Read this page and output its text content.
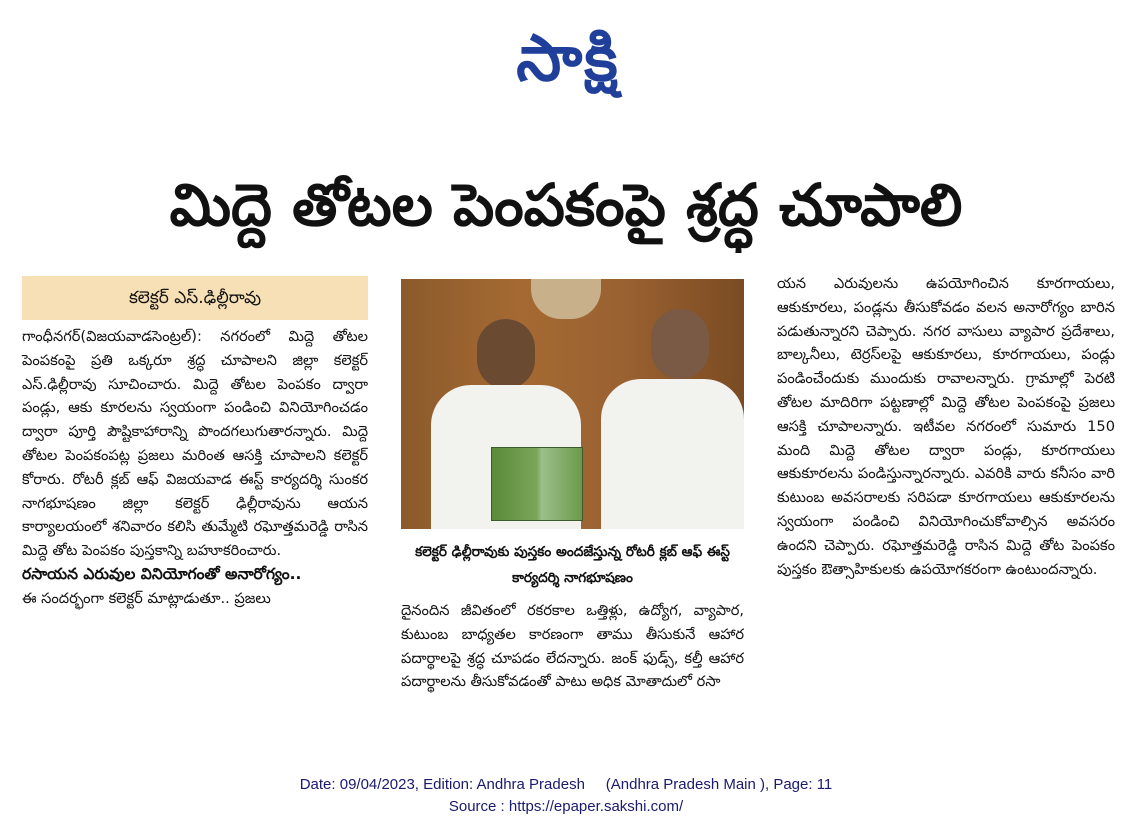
సాక్షి
మిద్దె తోటల పెంపకంపై శ్రద్ధ చూపాలి
కలెక్టర్ ఎస్.ఢిల్లీరావు

గాంధీనగర్(విజయవాడసెంట్రల్): నగరంలో మిద్దె తోటల పెంపకంపై ప్రతి ఒక్కరూ శ్రద్ధ చూపాలని జిల్లా కలెక్టర్ ఎస్.ఢిల్లీరావు సూచించారు. మిద్దె తోటల పెంపకం ద్వారా పండ్లు, ఆకు కూరలను స్వయంగా పండించి వినియోగించడం ద్వారా పూర్తి పౌష్టికాహారాన్ని పొందగలుగుతారన్నారు. మిద్దె తోటల పెంపకంపట్ల ప్రజలు మరింత ఆసక్తి చూపాలని కలెక్టర్ కోరారు. రోటరీ క్లబ్ ఆఫ్ విజయవాడ ఈస్ట్ కార్యదర్శి సుంకర నాగభూషణం జిల్లా కలెక్టర్ ఢిల్లీరావును ఆయన కార్యాలయంలో శనివారం కలిసి తుమ్మేటి రఘోత్తమరెడ్డి రాసిన మిద్దె తోట పెంపకం పుస్తకాన్ని బహూకరించారు.

రసాయన ఎరువుల వినియోగంతో అనారోగ్యం..

ఈ సందర్భంగా కలెక్టర్ మాట్లాడుతూ.. ప్రజలు

కలెక్టర్ ఢిల్లీరావుకు పుస్తకం అందజేస్తున్న రోటరీ క్లబ్ ఆఫ్ ఈస్ట్ కార్యదర్శి నాగభూషణం

దైనందిన జీవితంలో రకరకాల ఒత్తిళ్లు, ఉద్యోగ, వ్యాపార, కుటుంబ బాధ్యతల కారణంగా తాము తీసుకునే ఆహార పదార్థాలపై శ్రద్ధ చూపడం లేదన్నారు. జంక్ ఫుడ్స్, కల్తీ ఆహార పదార్థాలను తీసుకోవడంతో పాటు అధిక మోతాదులో రసా

యన ఎరువులను ఉపయోగించిన కూరగాయలు, ఆకుకూరలు, పండ్లను తీసుకోవడం వలన అనారోగ్యం బారిన పడుతున్నారని చెప్పారు. నగర వాసులు వ్యాపార ప్రదేశాలు, బాల్కనీలు, టెర్రస్‌లపై ఆకుకూరలు, కూరగాయలు, పండ్లు పండించేందుకు ముందుకు రావాలన్నారు. గ్రామాల్లో పెరటి తోటల మాదిరిగా పట్టణాల్లో మిద్దె తోటల పెంపకంపై ప్రజలు ఆసక్తి చూపాలన్నారు. ఇటీవల నగరంలో సుమారు 150 మంది మిద్దె తోటల ద్వారా పండ్లు, కూరగాయలు ఆకుకూరలను పండిస్తున్నారన్నారు. ఎవరికి వారు కనీసం వారి కుటుంబ అవసరాలకు సరిపడా కూరగాయలు ఆకుకూరలను స్వయంగా పండించి వినియోగించుకోవాల్సిన అవసరం ఉందని చెప్పారు. రఘోత్తమరెడ్డి రాసిన మిద్దె తోట పెంపకం పుస్తకం ఔత్సాహికులకు ఉపయోగకరంగా ఉంటుందన్నారు.

Date: 09/04/2023, Edition: Andhra Pradesh     (Andhra Pradesh Main ), Page: 11
Source : https://epaper.sakshi.com/
